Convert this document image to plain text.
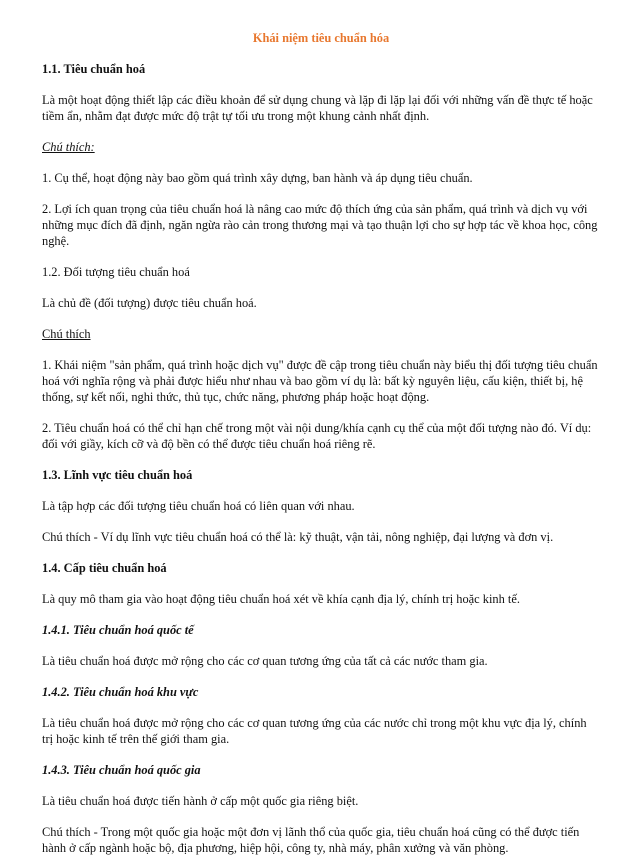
Khái niệm tiêu chuẩn hóa
1.1. Tiêu chuẩn hoá

Là một hoạt động thiết lập các điều khoản để sử dụng chung và lặp đi lặp lại đối với những vấn đề thực tế hoặc tiềm ẩn, nhằm đạt được mức độ trật tự tối ưu trong một khung cảnh nhất định.

Chú thích:

1. Cụ thể, hoạt động này bao gồm quá trình xây dựng, ban hành và áp dụng tiêu chuẩn.

2. Lợi ích quan trọng của tiêu chuẩn hoá là nâng cao mức độ thích ứng của sản phẩm, quá trình và dịch vụ với những mục đích đã định, ngăn ngừa rào cản trong thương mại và tạo thuận lợi cho sự hợp tác về khoa học, công nghệ.

1.2. Đối tượng tiêu chuẩn hoá

Là chủ đề (đối tượng) được tiêu chuẩn hoá.

Chú thích

1. Khái niệm "sản phẩm, quá trình hoặc dịch vụ" được đề cập trong tiêu chuẩn này biểu thị đối tượng tiêu chuẩn hoá với nghĩa rộng và phải được hiểu như nhau và bao gồm ví dụ là: bất kỳ nguyên liệu, cấu kiện, thiết bị, hệ thống, sự kết nối, nghi thức, thủ tục, chức năng, phương pháp hoặc hoạt động.

2. Tiêu chuẩn hoá có thể chỉ hạn chế trong một vài nội dung/khía cạnh cụ thể của một đối tượng nào đó. Ví dụ: đối với giầy, kích cỡ và độ bền có thể được tiêu chuẩn hoá riêng rẽ.

1.3. Lĩnh vực tiêu chuẩn hoá

Là tập hợp các đối tượng tiêu chuẩn hoá có liên quan với nhau.

Chú thích - Ví dụ lĩnh vực tiêu chuẩn hoá có thể là: kỹ thuật, vận tải, nông nghiệp, đại lượng và đơn vị.

1.4. Cấp tiêu chuẩn hoá

Là quy mô tham gia vào hoạt động tiêu chuẩn hoá xét về khía cạnh địa lý, chính trị hoặc kinh tế.

1.4.1. Tiêu chuẩn hoá quốc tế

Là tiêu chuẩn hoá được mở rộng cho các cơ quan tương ứng của tất cả các nước tham gia.

1.4.2. Tiêu chuẩn hoá khu vực

Là tiêu chuẩn hoá được mở rộng cho các cơ quan tương ứng của các nước chỉ trong một khu vực địa lý, chính trị hoặc kinh tế trên thế giới tham gia.

1.4.3. Tiêu chuẩn hoá quốc gia

Là tiêu chuẩn hoá được tiến hành ở cấp một quốc gia riêng biệt.

Chú thích - Trong một quốc gia hoặc một đơn vị lãnh thổ của quốc gia, tiêu chuẩn hoá cũng có thể được tiến hành ở cấp ngành hoặc bộ, địa phương, hiệp hội, công ty, nhà máy, phân xưởng và văn phòng.
